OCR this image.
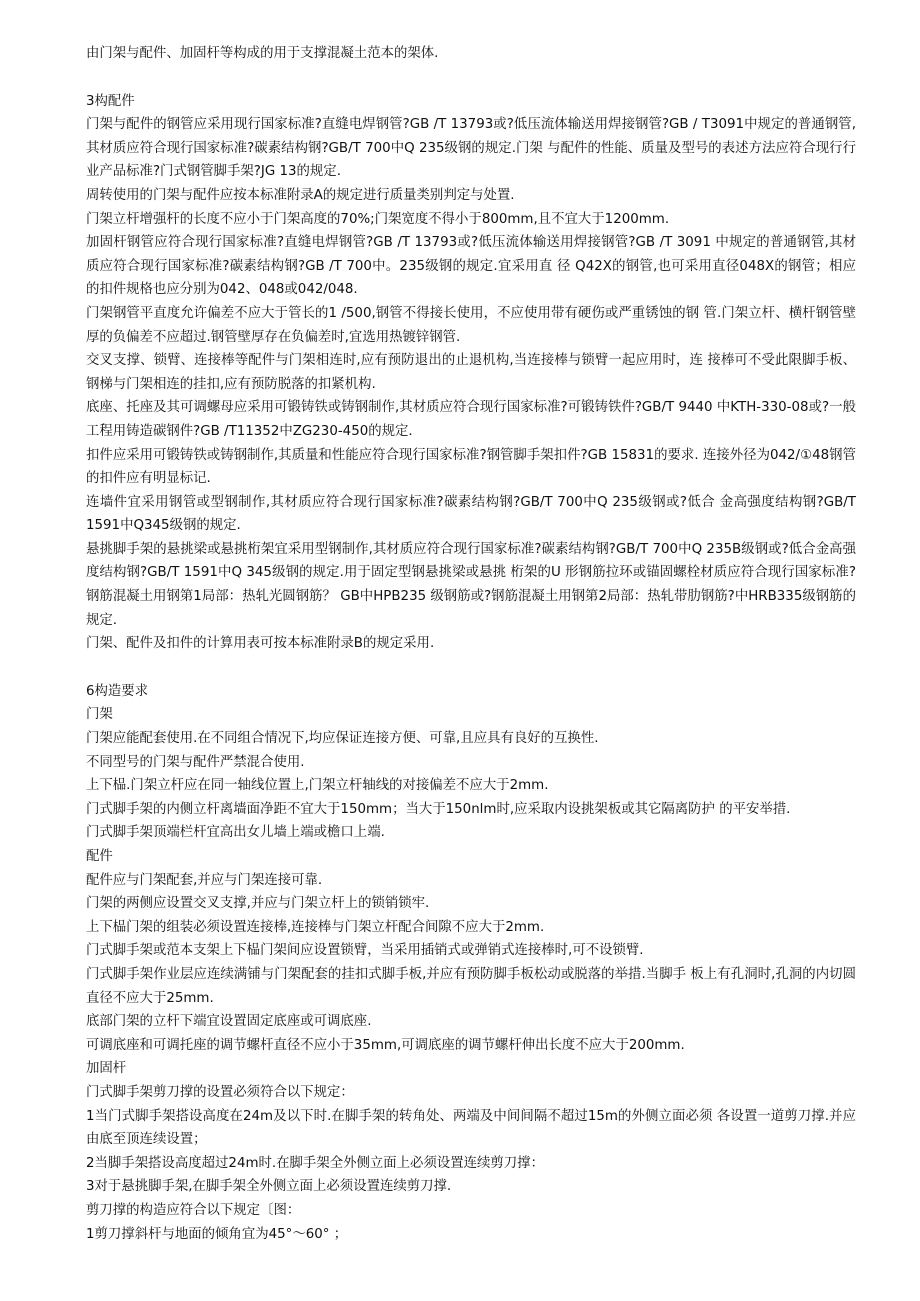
由门架与配件、加固杆等构成的用于支撑混凝土范本的架体.
3构配件
门架与配件的钢管应采用现行国家标准?直缝电焊钢管?GB /T 13793或?低压流体输送用焊接钢管?GB / T3091中规定的普通钢管,其材质应符合现行国家标准?碳素结构钢?GB/T 700中Q 235级钢的规定.门架 与配件的性能、质量及型号的表述方法应符合现行行业产品标准?门式钢管脚手架?JG 13的规定.
周转使用的门架与配件应按本标准附录A的规定进行质量类别判定与处置.
门架立杆增强杆的长度不应小于门架高度的70%;门架宽度不得小于800mm,且不宜大于1200mm.
加固杆钢管应符合现行国家标准?直缝电焊钢管?GB /T 13793或?低压流体输送用焊接钢管?GB /T 3091 中规定的普通钢管,其材质应符合现行国家标准?碳素结构钢?GB /T 700中。235级钢的规定.宜采用直 径 Q42X的钢管,也可采用直径048X的钢管；相应的扣件规格也应分别为042、048或042/048.
门架钢管平直度允许偏差不应大于管长的1 /500,钢管不得接长使用，不应使用带有硬伤或严重锈蚀的钢 管.门架立杆、横杆钢管壁厚的负偏差不应超过.钢管壁厚存在负偏差时,宜选用热镀锌钢管.
交叉支撑、锁臂、连接棒等配件与门架相连时,应有预防退出的止退机构,当连接棒与锁臂一起应用时，连 接棒可不受此限脚手板、钢梯与门架相连的挂扣,应有预防脱落的扣紧机构.
底座、托座及其可调螺母应采用可锻铸铁或铸钢制作,其材质应符合现行国家标准?可锻铸铁件?GB/T 9440 中KTH-330-08或?一般工程用铸造碳钢件?GB /T11352中ZG230-450的规定.
扣件应采用可锻铸铁或铸钢制作,其质量和性能应符合现行国家标准?钢管脚手架扣件?GB 15831的要求. 连接外径为042/①48钢管的扣件应有明显标记.
连墙件宜采用钢管或型钢制作,其材质应符合现行国家标准?碳素结构钢?GB/T 700中Q 235级钢或?低合 金高强度结构钢?GB/T 1591中Q345级钢的规定.
悬挑脚手架的悬挑梁或悬挑桁架宜采用型钢制作,其材质应符合现行国家标准?碳素结构钢?GB/T 700中Q 235B级钢或?低合金高强度结构钢?GB/T 1591中Q 345级钢的规定.用于固定型钢悬挑梁或悬挑 桁架的U 形钢筋拉环或锚固螺栓材质应符合现行国家标准?钢筋混凝土用钢第1局部：热轧光圆钢筋？ GB中HPB235 级钢筋或?钢筋混凝土用钢第2局部：热轧带肋钢筋?中HRB335级钢筋的规定.
门架、配件及扣件的计算用表可按本标准附录B的规定采用.
6构造要求
门架
门架应能配套使用.在不同组合情况下,均应保证连接方便、可靠,且应具有良好的互换性.
不同型号的门架与配件严禁混合使用.
上下榀.门架立杆应在同一轴线位置上,门架立杆轴线的对接偏差不应大于2mm.
门式脚手架的内侧立杆离墙面净距不宜大于150mm；当大于150nlm时,应采取内设挑架板或其它隔离防护 的平安举措.
门式脚手架顶端栏杆宜高出女儿墙上端或檐口上端.
配件
配件应与门架配套,并应与门架连接可靠.
门架的两侧应设置交叉支撑,并应与门架立杆上的锁销锁牢.
上下榀门架的组装必须设置连接棒,连接棒与门架立杆配合间隙不应大于2mm.
门式脚手架或范本支架上下榀门架间应设置锁臂，当采用插销式或弹销式连接棒时,可不设锁臂.
门式脚手架作业层应连续满铺与门架配套的挂扣式脚手板,并应有预防脚手板松动或脱落的举措.当脚手 板上有孔洞时,孔洞的内切圆直径不应大于25mm.
底部门架的立杆下端宜设置固定底座或可调底座.
可调底座和可调托座的调节螺杆直径不应小于35mm,可调底座的调节螺杆伸出长度不应大于200mm.
加固杆
门式脚手架剪刀撑的设置必须符合以下规定：
1当门式脚手架搭设高度在24m及以下时.在脚手架的转角处、两端及中间间隔不超过15m的外侧立面必须 各设置一道剪刀撑.并应由底至顶连续设置；
2当脚手架搭设高度超过24m时.在脚手架全外侧立面上必须设置连续剪刀撑：
3对于悬挑脚手架,在脚手架全外侧立面上必须设置连续剪刀撑.
剪刀撑的构造应符合以下规定〔图：
1剪刀撑斜杆与地面的倾角宜为45°～60° ；
